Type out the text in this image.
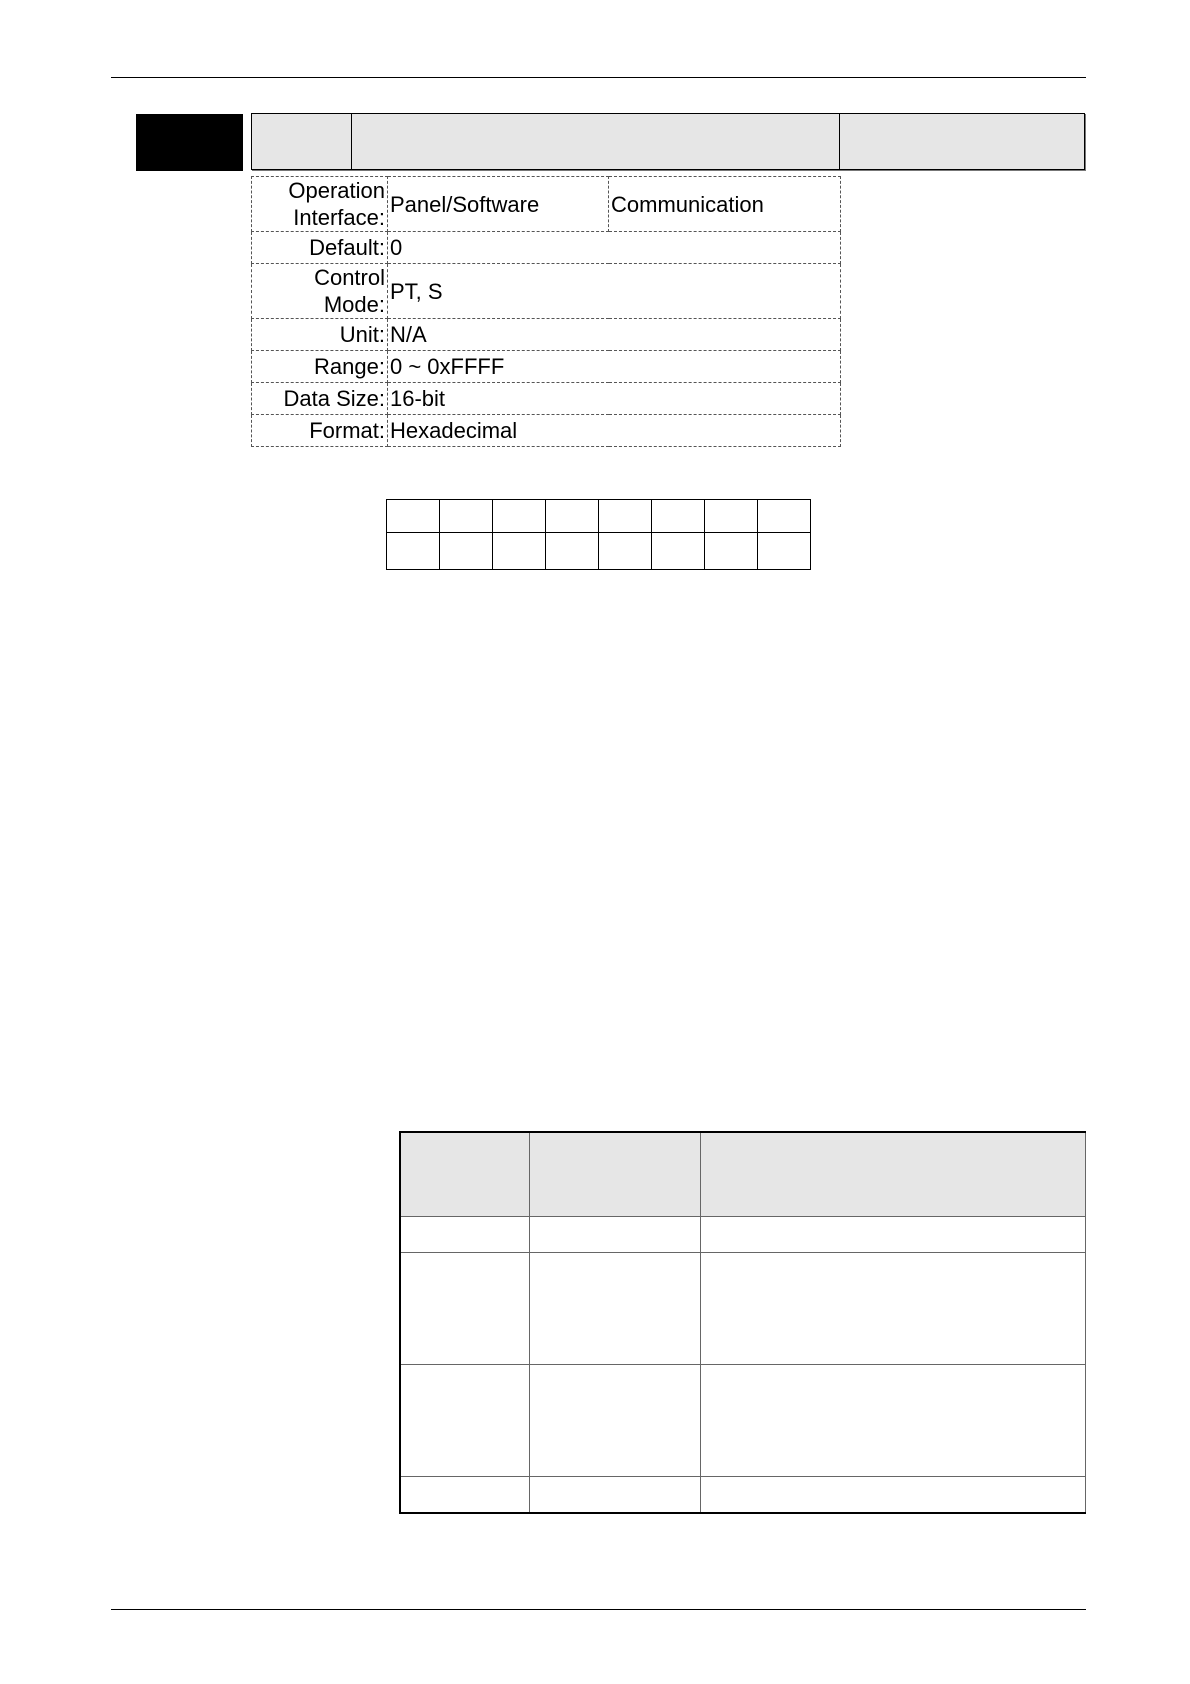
Operation
Interface:	Panel/Software	Communication
Default:	0	

Control
Mode:	PT, S	
Unit:	N/A	
Range:	0 ~ 0xFFFF	
Data Size:	16-bit	
Format:	Hexadecimal	
